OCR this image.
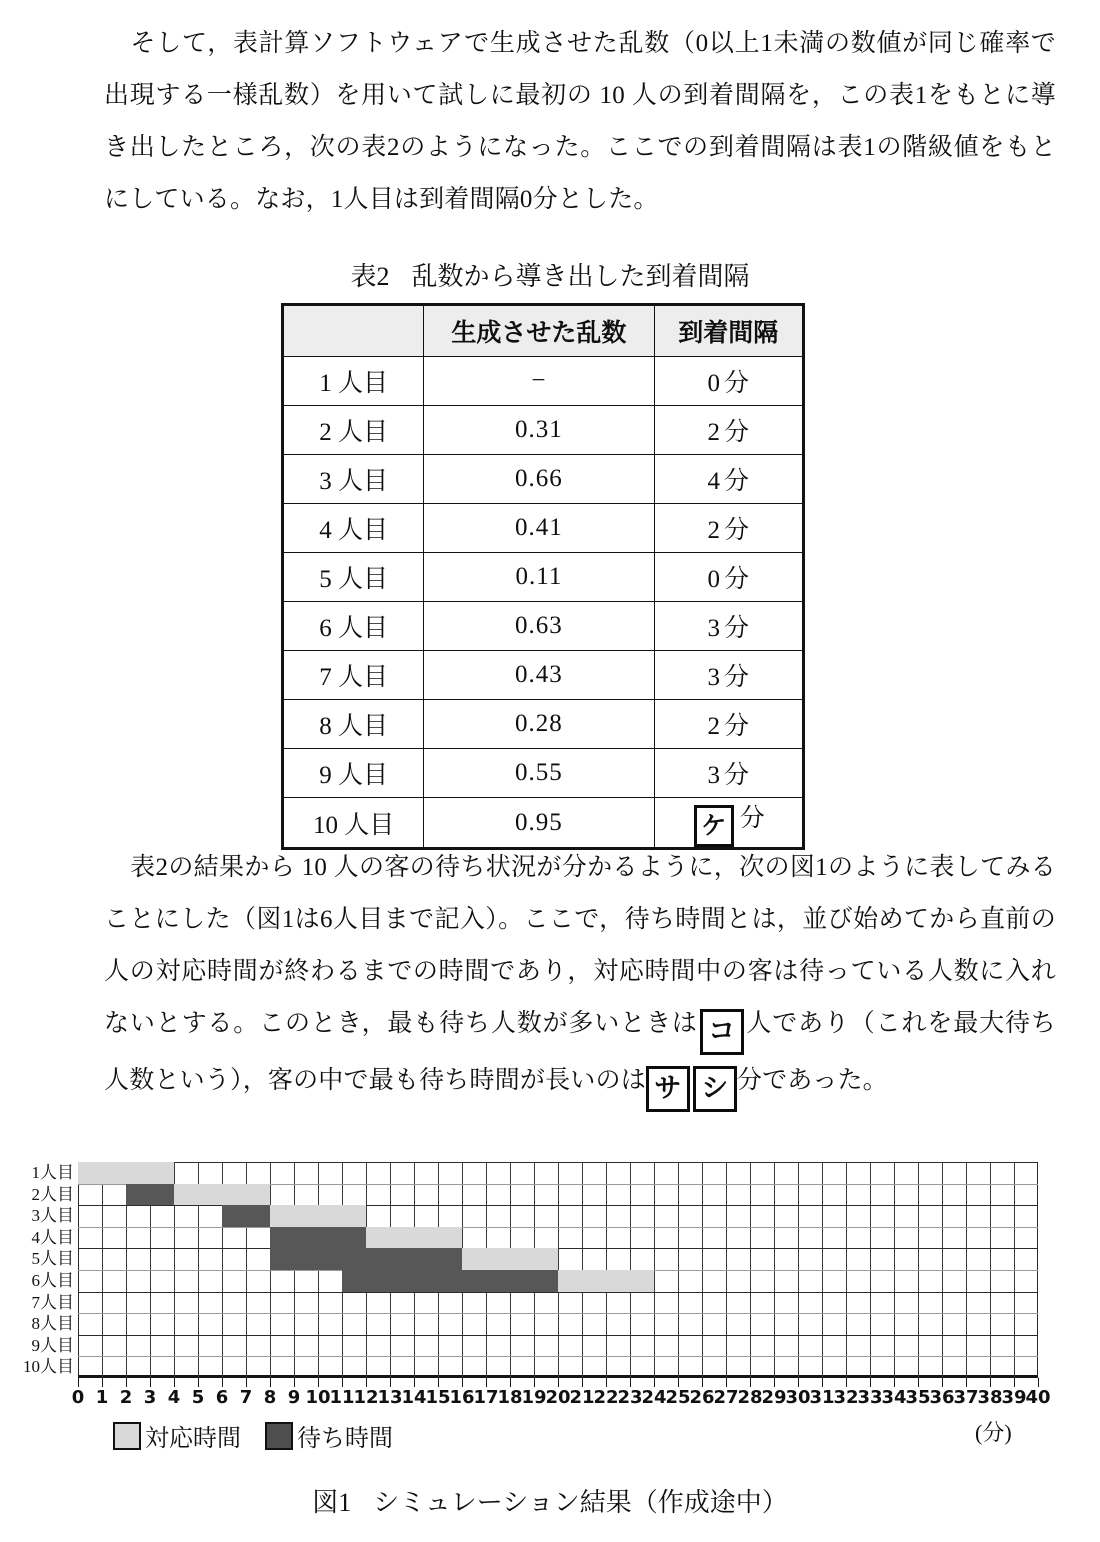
そして，表計算ソフトウェアで生成させた乱数（0以上1未満の数値が同じ確率で出現する一様乱数）を用いて試しに最初の 10 人の到着間隔を，この表1をもとに導き出したところ，次の表2のようになった。ここでの到着間隔は表1の階級値をもとにしている。なお，1人目は到着間隔0分とした。
表2 乱数から導き出した到着間隔
	生成させた乱数	到着間隔
1 人目	−	0 分
2 人目	0.31	2 分
3 人目	0.66	4 分
4 人目	0.41	2 分
5 人目	0.11	0 分
6 人目	0.63	3 分
7 人目	0.43	3 分
8 人目	0.28	2 分
9 人目	0.55	3 分
10 人目	0.95	ケ 分
表2の結果から 10 人の客の待ち状況が分かるように，次の図1のように表してみることにした（図1は6人目まで記入）。ここで，待ち時間とは，並び始めてから直前の人の対応時間が終わるまでの時間であり，対応時間中の客は待っている人数に入れないとする。このとき，最も待ち人数が多いときは コ 人であり（これを最大待ち人数という），客の中で最も待ち時間が長いのは サ シ 分であった。
1人目
2人目
3人目
4人目
5人目
6人目
7人目
8人目
9人目
10人目
0 1 2 3 4 5 6 7 8 9 10
11
12
13
14
15
16
17
18
19
20
21
22
23
24
25
26
27
28
29
30
31
32
33
34
35
36
37
38
39
40
(分)
対応時間 待ち時間
図1 シミュレーション結果（作成途中）
